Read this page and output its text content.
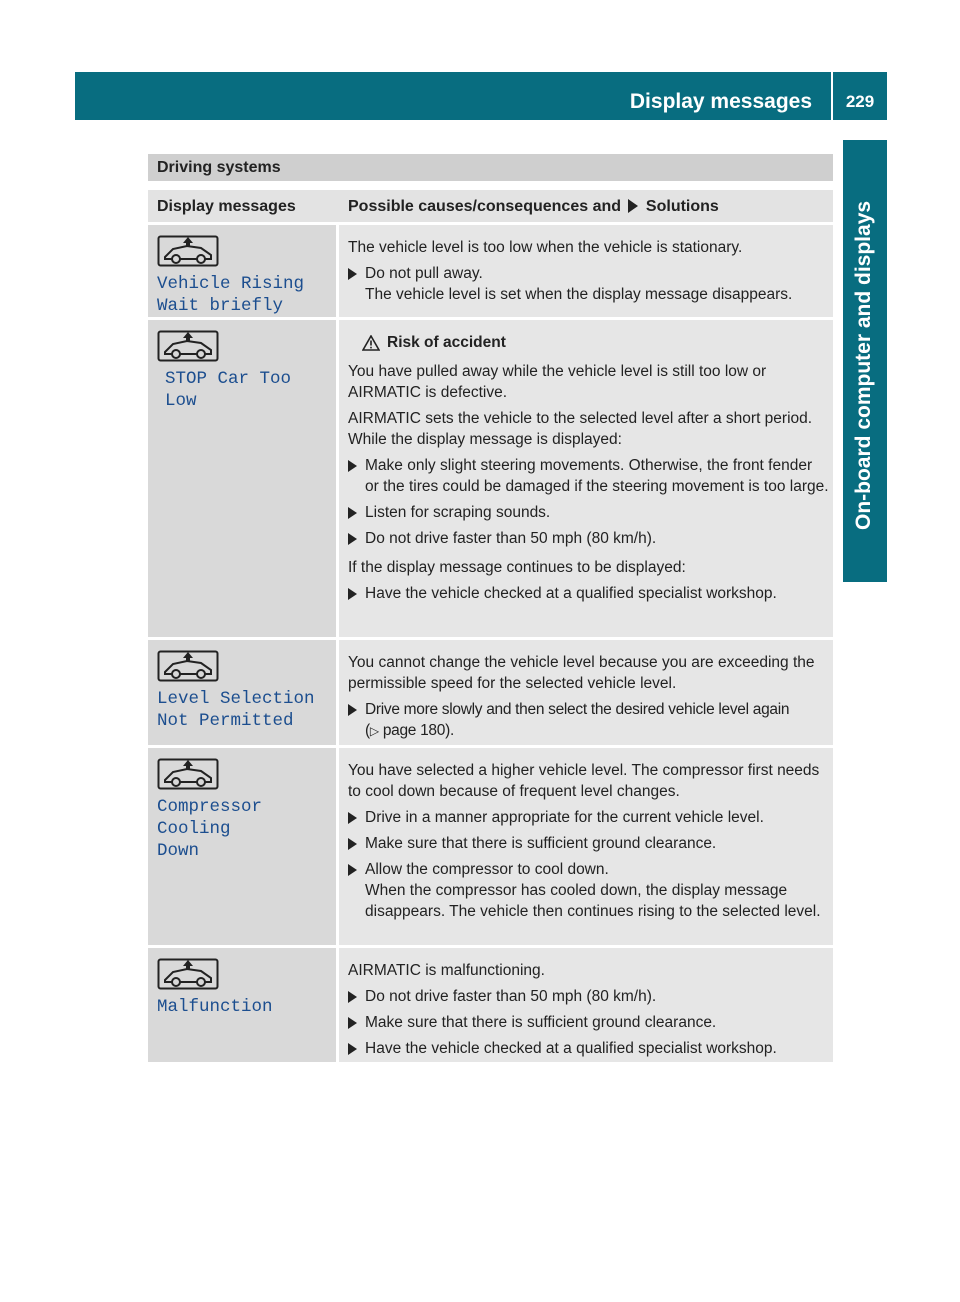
Display messages	229
On-board computer and displays
Driving systems
Display messages	Possible causes/consequences and Solutions
Vehicle Rising
Wait briefly

The vehicle level is too low when the vehicle is stationary.

Do not pull away.
The vehicle level is set when the display message disappears.
STOP Car Too Low
Risk of accident

You have pulled away while the vehicle level is still too low or AIRMATIC is defective.

AIRMATIC sets the vehicle to the selected level after a short period. While the display message is displayed:

Make only slight steering movements. Otherwise, the front fender or the tires could be damaged if the steering movement is too large.
Listen for scraping sounds.
Do not drive faster than 50 mph (80 km/h).

If the display message continues to be displayed:

Have the vehicle checked at a qualified specialist workshop.
Level Selection
Not Permitted

You cannot change the vehicle level because you are exceeding the permissible speed for the selected vehicle level.

Drive more slowly and then select the desired vehicle level again
(▷ page 180).
Compressor Cooling
Down

You have selected a higher vehicle level. The compressor first needs to cool down because of frequent level changes.

Drive in a manner appropriate for the current vehicle level.
Make sure that there is sufficient ground clearance.
Allow the compressor to cool down.
When the compressor has cooled down, the display message disappears. The vehicle then continues rising to the selected level.
Malfunction

AIRMATIC is malfunctioning.

Do not drive faster than 50 mph (80 km/h).
Make sure that there is sufficient ground clearance.
Have the vehicle checked at a qualified specialist workshop.
